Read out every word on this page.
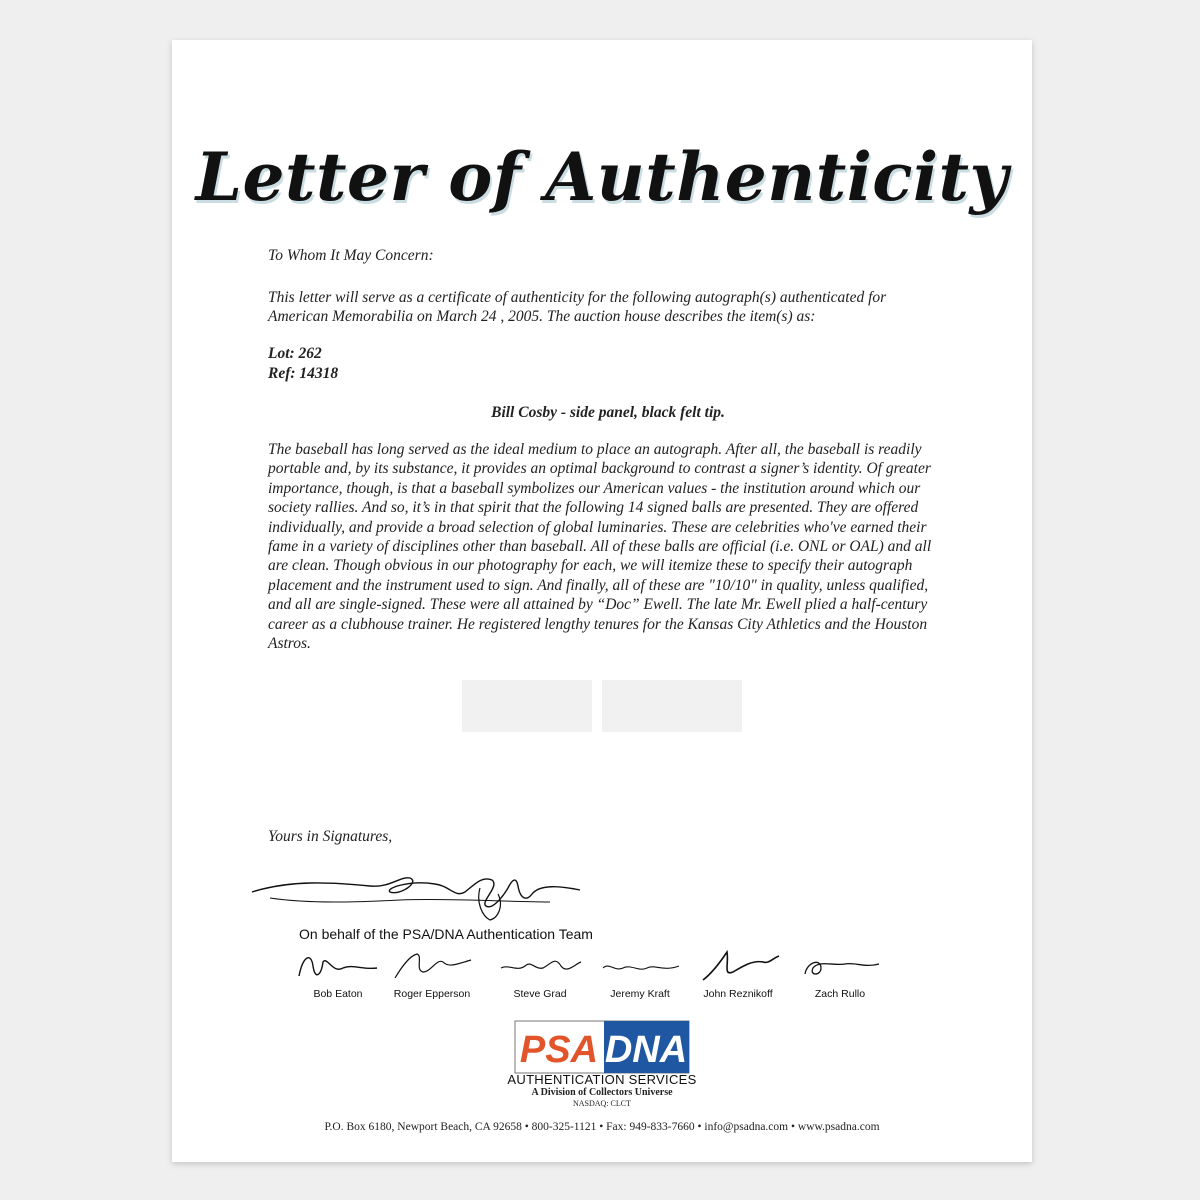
Letter of Authenticity
To Whom It May Concern:
This letter will serve as a certificate of authenticity for the following autograph(s) authenticated for American Memorabilia on March 24 , 2005. The auction house describes the item(s) as:
Lot: 262
Ref: 14318
Bill Cosby - side panel, black felt tip.
The baseball has long served as the ideal medium to place an autograph. After all, the baseball is readily portable and, by its substance, it provides an optimal background to contrast a signer’s identity. Of greater importance, though, is that a baseball symbolizes our American values - the institution around which our society rallies. And so, it’s in that spirit that the following 14 signed balls are presented. They are offered individually, and provide a broad selection of global luminaries. These are celebrities who've earned their fame in a variety of disciplines other than baseball. All of these balls are official (i.e. ONL or OAL) and all are clean. Though obvious in our photography for each, we will itemize these to specify their autograph placement and the instrument used to sign. And finally, all of these are "10/10" in quality, unless qualified, and all are single-signed. These were all attained by “Doc” Ewell. The late Mr. Ewell plied a half-century career as a clubhouse trainer. He registered lengthy tenures for the Kansas City Athletics and the Houston Astros.
Yours in Signatures,
On behalf of the PSA/DNA Authentication Team
Bob Eaton	Roger Epperson	Steve Grad	Jeremy Kraft	John Reznikoff	Zach Rullo
PSA DNA
AUTHENTICATION SERVICES
A Division of Collectors Universe
NASDAQ: CLCT
P.O. Box 6180, Newport Beach, CA 92658 • 800-325-1121 • Fax: 949-833-7660 • info@psadna.com • www.psadna.com
